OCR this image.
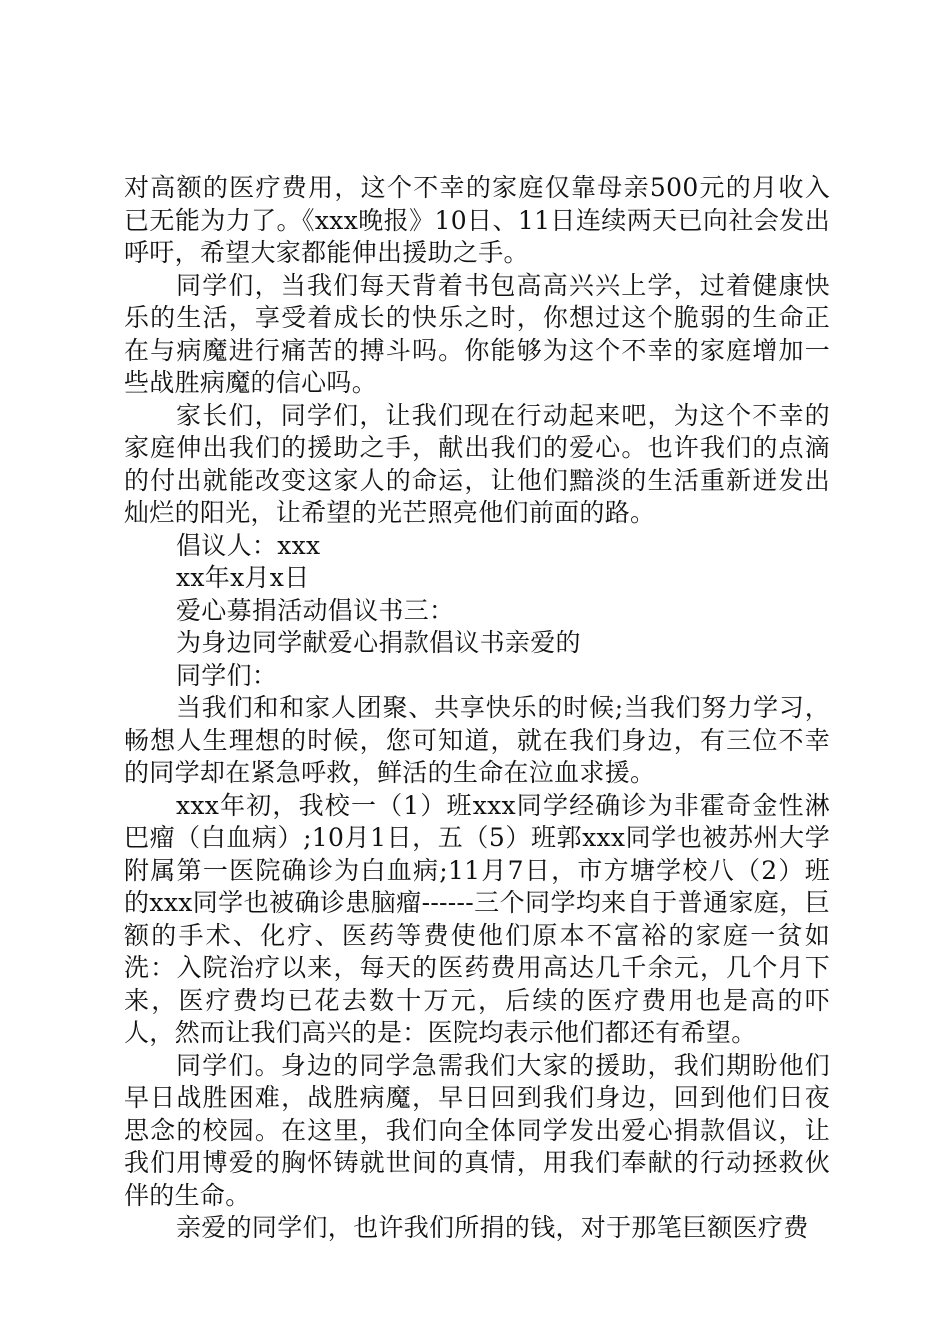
对高额的医疗费用，这个不幸的家庭仅靠母亲500元的月收入已无能为力了。《xxx晚报》10日、11日连续两天已向社会发出呼吁，希望大家都能伸出援助之手。

同学们，当我们每天背着书包高高兴兴上学，过着健康快乐的生活，享受着成长的快乐之时，你想过这个脆弱的生命正在与病魔进行痛苦的搏斗吗。你能够为这个不幸的家庭增加一些战胜病魔的信心吗。

家长们，同学们，让我们现在行动起来吧，为这个不幸的家庭伸出我们的援助之手，献出我们的爱心。也许我们的点滴的付出就能改变这家人的命运，让他们黯淡的生活重新迸发出灿烂的阳光，让希望的光芒照亮他们前面的路。

倡议人：xxx

xx年x月x日

爱心募捐活动倡议书三：

为身边同学献爱心捐款倡议书亲爱的

同学们：

当我们和和家人团聚、共享快乐的时候;当我们努力学习，畅想人生理想的时候，您可知道，就在我们身边，有三位不幸的同学却在紧急呼救，鲜活的生命在泣血求援。

xxx年初，我校一（1）班xxx同学经确诊为非霍奇金性淋巴瘤（白血病）;10月1日，五（5）班郭xxx同学也被苏州大学附属第一医院确诊为白血病;11月7日，市方塘学校八（2）班的xxx同学也被确诊患脑瘤------三个同学均来自于普通家庭，巨额的手术、化疗、医药等费使他们原本不富裕的家庭一贫如洗：入院治疗以来，每天的医药费用高达几千余元，几个月下来，医疗费均已花去数十万元，后续的医疗费用也是高的吓人，然而让我们高兴的是：医院均表示他们都还有希望。

同学们。身边的同学急需我们大家的援助，我们期盼他们早日战胜困难，战胜病魔，早日回到我们身边，回到他们日夜思念的校园。在这里，我们向全体同学发出爱心捐款倡议，让我们用博爱的胸怀铸就世间的真情，用我们奉献的行动拯救伙伴的生命。

亲爱的同学们，也许我们所捐的钱，对于那笔巨额医疗费
